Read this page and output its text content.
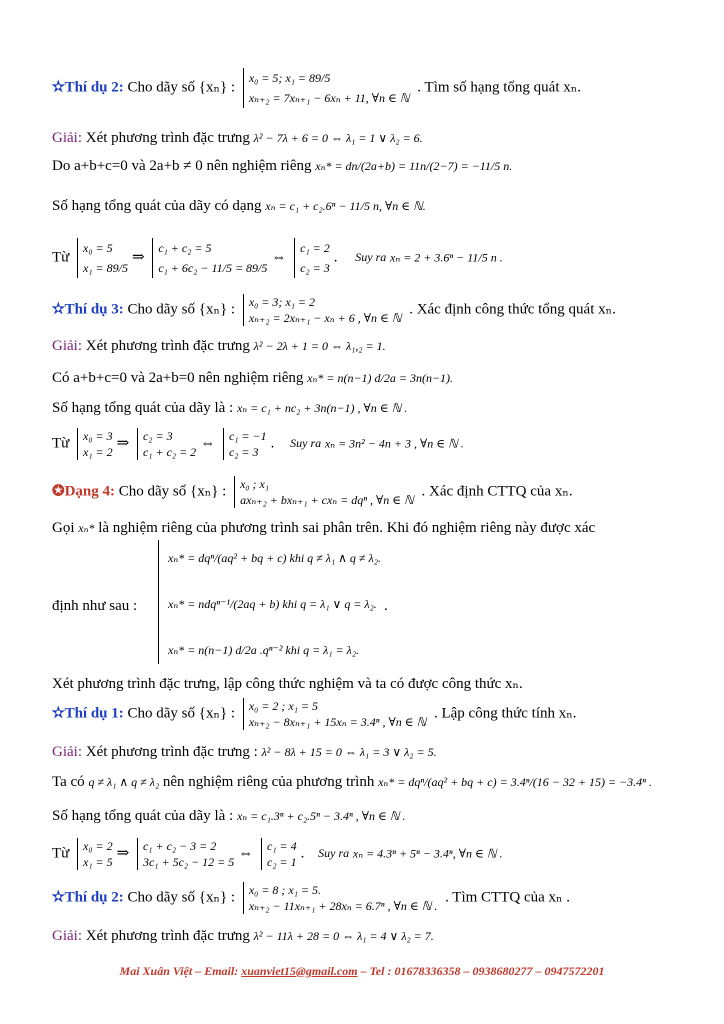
✫Thí dụ 2: Cho dãy số {xₙ} :
x₀ = 5; x₁ = 89/5
xₙ₊₂ = 7xₙ₊₁ − 6xₙ + 11, ∀n ∈ ℕ
. Tìm số hạng tổng quát xₙ.
Giải: Xét phương trình đặc trưng λ² − 7λ + 6 = 0 ⇔ λ₁ = 1 ∨ λ₂ = 6.
Do a+b+c=0 và 2a+b ≠ 0 nên nghiệm riêng xₙ* = dn/(2a+b) = 11n/(2−7) = −11/5 n.
Số hạng tổng quát của dãy có dạng xₙ = c₁ + c₂.6ⁿ − 11/5 n, ∀n ∈ ℕ.
Từ
x₀ = 5
x₁ = 89/5
⇒
c₁ + c₂ = 5
c₁ + 6c₂ − 11/5 = 89/5
⇔
c₁ = 2
c₂ = 3
. Suy ra xₙ = 2 + 3.6ⁿ − 11/5 n .
✫Thí dụ 3: Cho dãy số {xₙ} : x₀ = 3; x₁ = 2
xₙ₊₂ = 2xₙ₊₁ − xₙ + 6 , ∀n ∈ ℕ
. Xác định công thức tổng quát xₙ.
Giải: Xét phương trình đặc trưng λ² − 2λ + 1 = 0 ⇔ λ₁,₂ = 1.
Có a+b+c=0 và 2a+b=0 nên nghiệm riêng xₙ* = n(n−1) d/2a = 3n(n−1).
Số hạng tổng quát của dãy là : xₙ = c₁ + nc₂ + 3n(n−1) , ∀n ∈ ℕ .
Từ x₀ = 3
x₁ = 2
⇒ c₂ = 3
c₁ + c₂ = 2
⇔ c₁ = −1
c₂ = 3
. Suy ra xₙ = 3n² − 4n + 3 , ∀n ∈ ℕ .
✪Dạng 4: Cho dãy số {xₙ} : x₀ ; x₁
axₙ₊₂ + bxₙ₊₁ + cxₙ = dqⁿ , ∀n ∈ ℕ
. Xác định CTTQ của xₙ.
Gọi xₙ* là nghiệm riêng của phương trình sai phân trên. Khi đó nghiệm riêng này được xác
định như sau :
xₙ* = dqⁿ/(aq² + bq + c) khi q ≠ λ₁ ∧ q ≠ λ₂.
xₙ* = ndqⁿ⁻¹/(2aq + b) khi q = λ₁ ∨ q = λ₂.
xₙ* = n(n−1) d/2a .qⁿ⁻² khi q = λ₁ = λ₂.
.
Xét phương trình đặc trưng, lập công thức nghiệm và ta có được công thức xₙ.
✫Thí dụ 1: Cho dãy số {xₙ} : x₀ = 2 ; x₁ = 5
xₙ₊₂ − 8xₙ₊₁ + 15xₙ = 3.4ⁿ , ∀n ∈ ℕ
. Lập công thức tính xₙ.
Giải: Xét phương trình đặc trưng : λ² − 8λ + 15 = 0 ⇔ λ₁ = 3 ∨ λ₂ = 5.
Ta có q ≠ λ₁ ∧ q ≠ λ₂ nên nghiệm riêng của phương trình xₙ* = dqⁿ/(aq² + bq + c) = 3.4ⁿ/(16 − 32 + 15) = −3.4ⁿ .
Số hạng tổng quát của dãy là : xₙ = c₁.3ⁿ + c₂.5ⁿ − 3.4ⁿ , ∀n ∈ ℕ .
Từ x₀ = 2
x₁ = 5
⇒ c₁ + c₂ − 3 = 2
3c₁ + 5c₂ − 12 = 5
⇔ c₁ = 4
c₂ = 1
. Suy ra xₙ = 4.3ⁿ + 5ⁿ − 3.4ⁿ, ∀n ∈ ℕ .
✫Thí dụ 2: Cho dãy số {xₙ} : x₀ = 8 ; x₁ = 5.
xₙ₊₂ − 11xₙ₊₁ + 28xₙ = 6.7ⁿ , ∀n ∈ ℕ .
. Tìm CTTQ của xₙ .
Giải: Xét phương trình đặc trưng λ² − 11λ + 28 = 0 ⇔ λ₁ = 4 ∨ λ₂ = 7.
Mai Xuân Việt – Email: xuanviet15@gmail.com – Tel : 01678336358 – 0938680277 – 0947572201
